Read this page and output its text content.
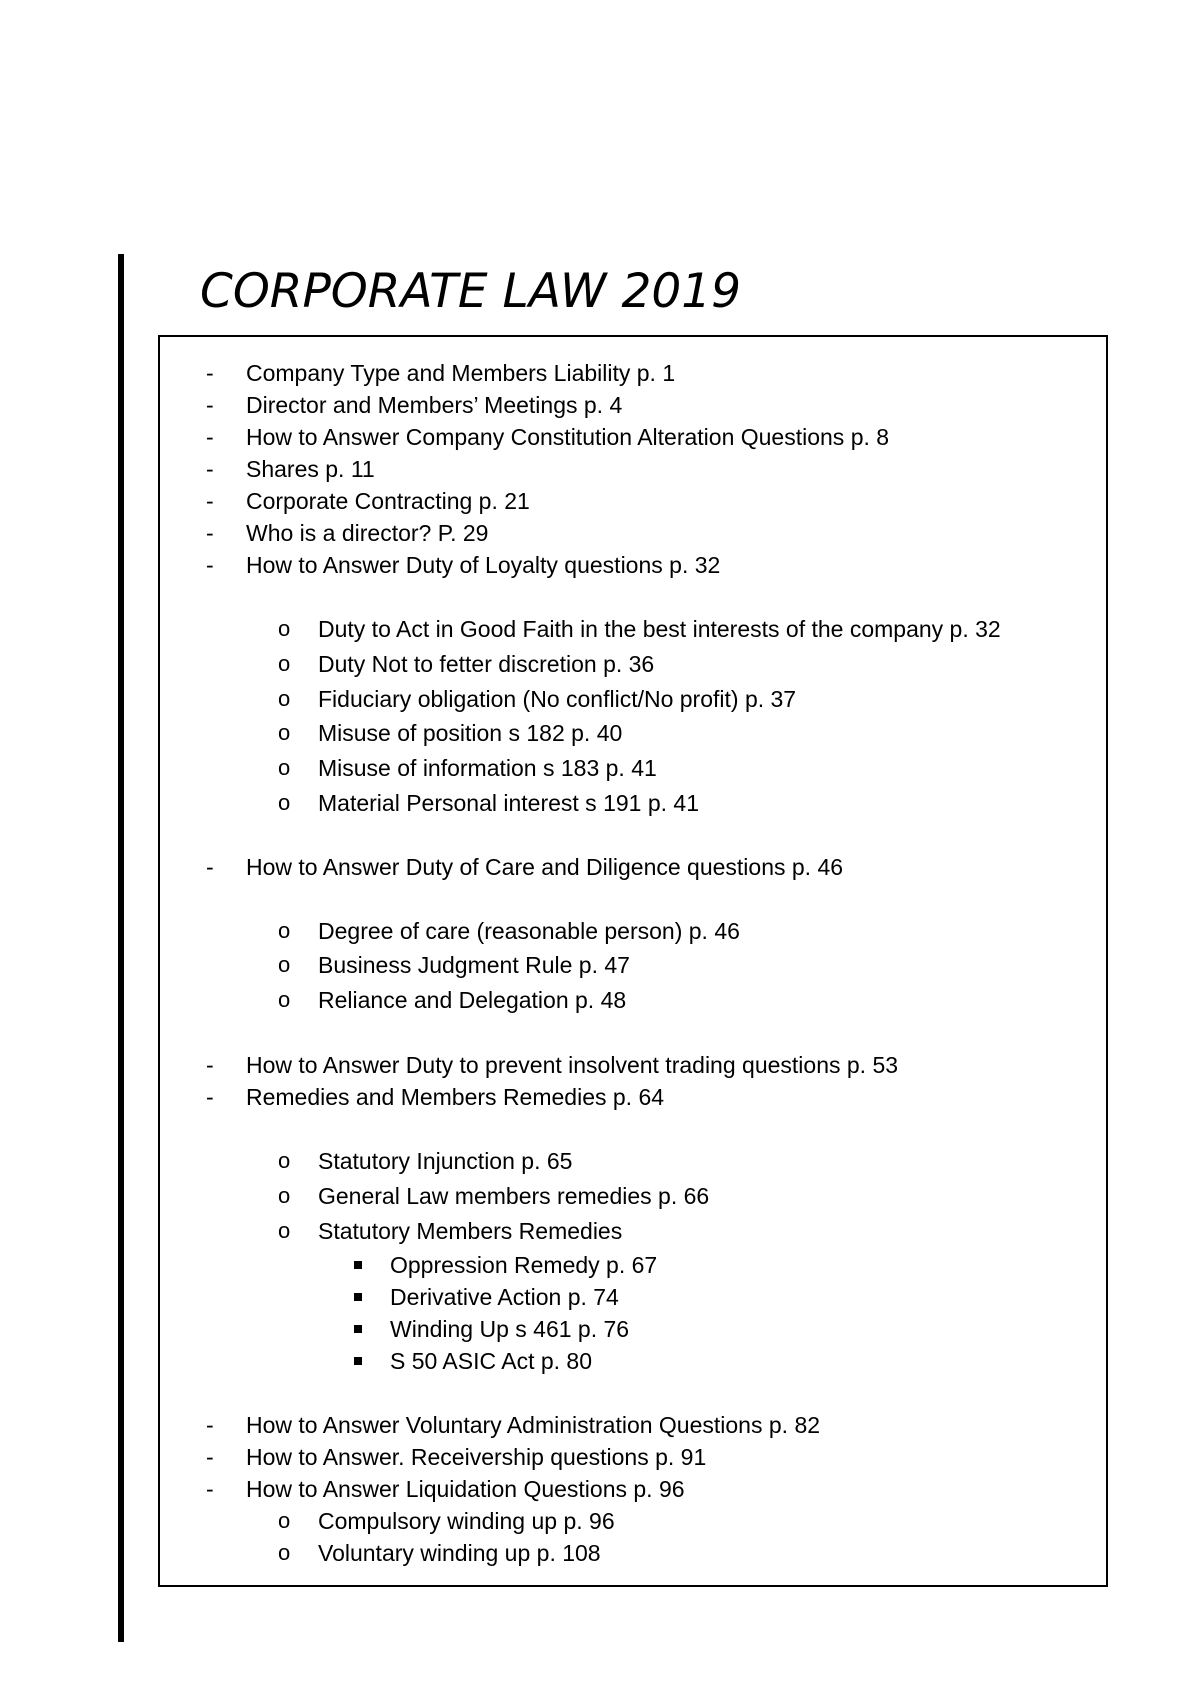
CORPORATE LAW 2019
- Company Type and Members Liability p. 1
- Director and Members’ Meetings p. 4
- How to Answer Company Constitution Alteration Questions p. 8
- Shares p. 11
- Corporate Contracting p. 21
- Who is a director? P. 29
- How to Answer Duty of Loyalty questions p. 32
o Duty to Act in Good Faith in the best interests of the company p. 32
o Duty Not to fetter discretion p. 36
o Fiduciary obligation (No conflict/No profit) p. 37
o Misuse of position s 182 p. 40
o Misuse of information s 183 p. 41
o Material Personal interest s 191 p. 41
- How to Answer Duty of Care and Diligence questions p. 46
o Degree of care (reasonable person) p. 46
o Business Judgment Rule p. 47
o Reliance and Delegation p. 48
- How to Answer Duty to prevent insolvent trading questions p. 53
- Remedies and Members Remedies p. 64
o Statutory Injunction p. 65
o General Law members remedies p. 66
o Statutory Members Remedies
Oppression Remedy p. 67
Derivative Action p. 74
Winding Up s 461 p. 76
S 50 ASIC Act p. 80
- How to Answer Voluntary Administration Questions p. 82
- How to Answer. Receivership questions p. 91
- How to Answer Liquidation Questions p. 96
o Compulsory winding up p. 96
o Voluntary winding up p. 108
